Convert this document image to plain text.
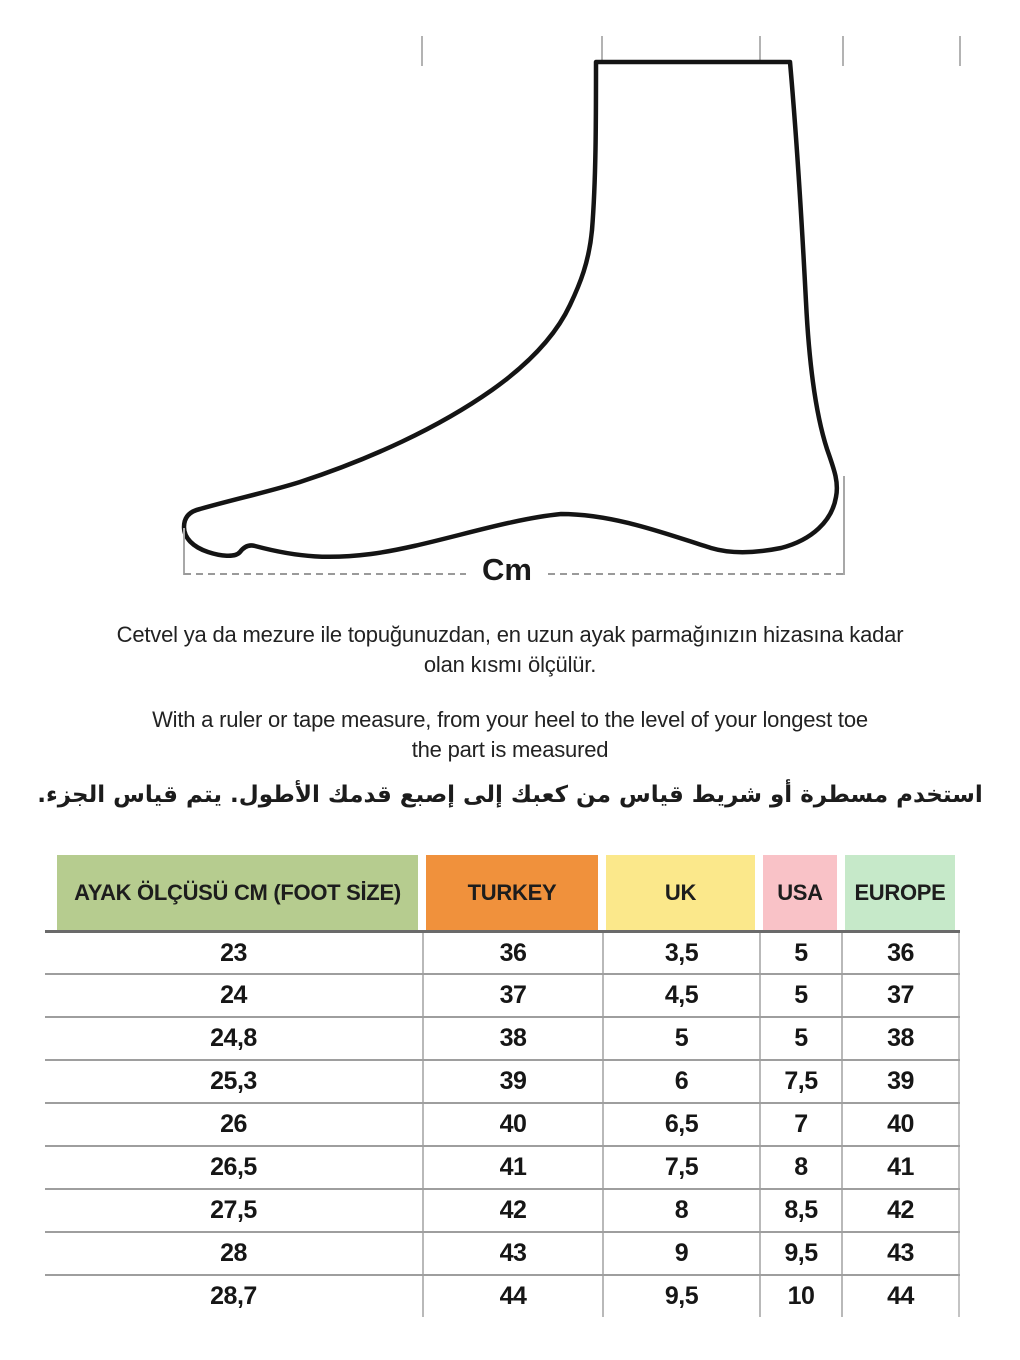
Cm
Cetvel ya da mezure ile topuğunuzdan, en uzun ayak parmağınızın hizasına kadar
olan kısmı ölçülür.
With a ruler or tape measure, from your heel to the level of your longest toe
the part is measured
استخدم مسطرة أو شريط قياس من كعبك إلى إصبع قدمك الأطول. يتم قياس الجزء.
AYAK ÖLÇÜSÜ CM (FOOT SİZE)	TURKEY	UK	USA	EUROPE
23	36	3,5	5	36
24	37	4,5	5	37
24,8	38	5	5	38
25,3	39	6	7,5	39
26	40	6,5	7	40
26,5	41	7,5	8	41
27,5	42	8	8,5	42
28	43	9	9,5	43
28,7	44	9,5	10	44
